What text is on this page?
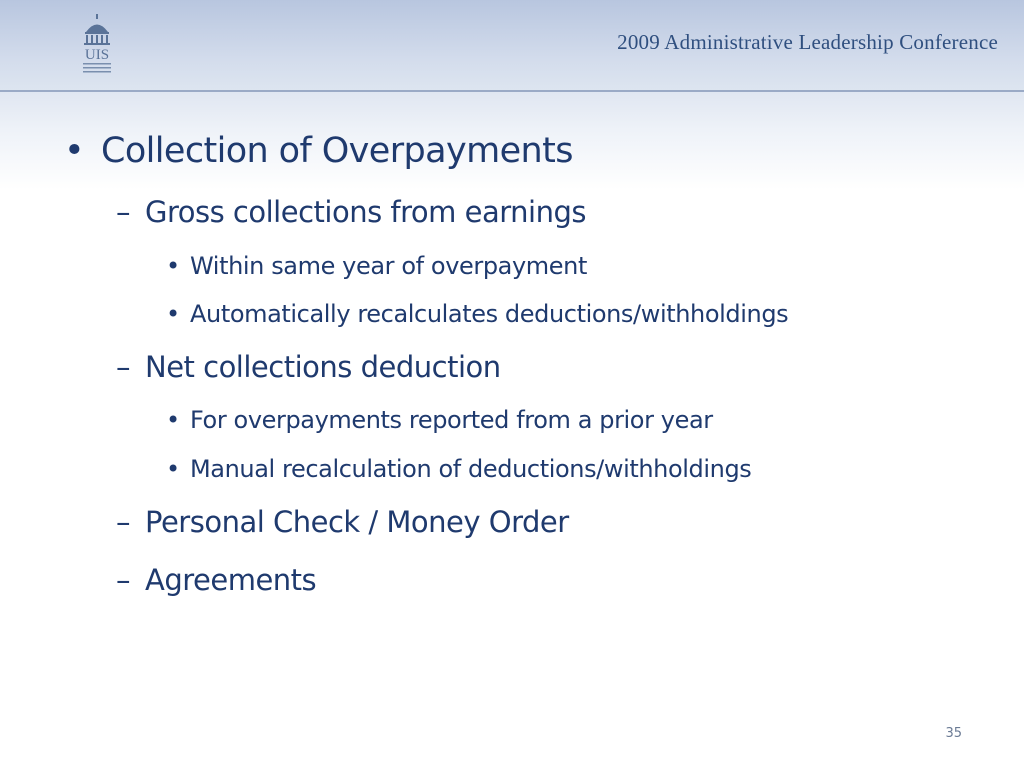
UIS
2009 Administrative Leadership Conference
• Collection of Overpayments
– Gross collections from earnings
• Within same year of overpayment
• Automatically recalculates deductions/withholdings
– Net collections deduction
• For overpayments reported from a prior year
• Manual recalculation of deductions/withholdings
– Personal Check / Money Order
– Agreements
35
